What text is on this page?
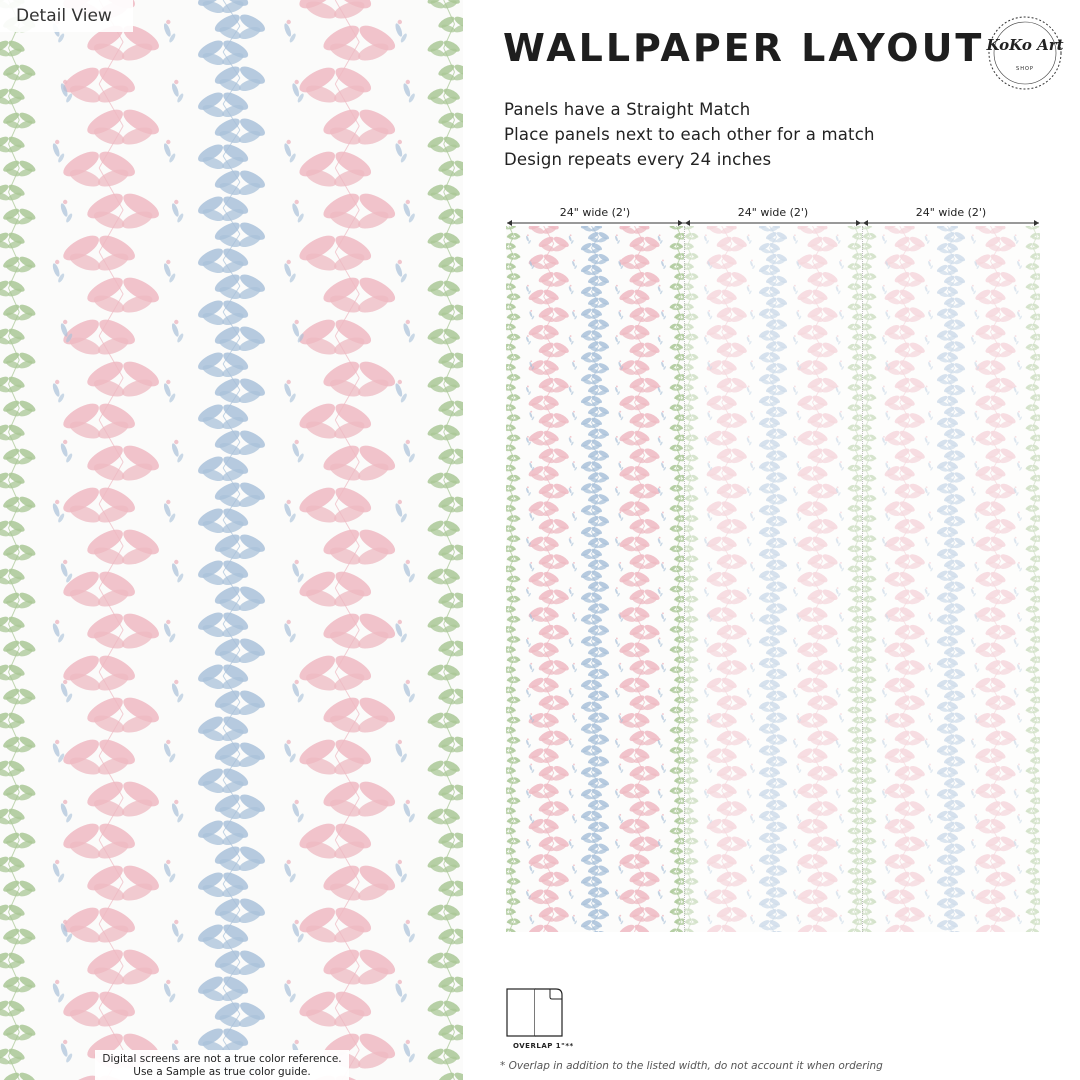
Detail View
Digital screens are not a true color reference.
Use a Sample as true color guide.
WALLPAPER LAYOUT KoKo Art
SHOP
Panels have a Straight Match
Place panels next to each other for a match
Design repeats every 24 inches
24" wide (2')	24" wide (2')	24" wide (2')
OVERLAP 1"**
* Overlap in addition to the listed width, do not account it when ordering
